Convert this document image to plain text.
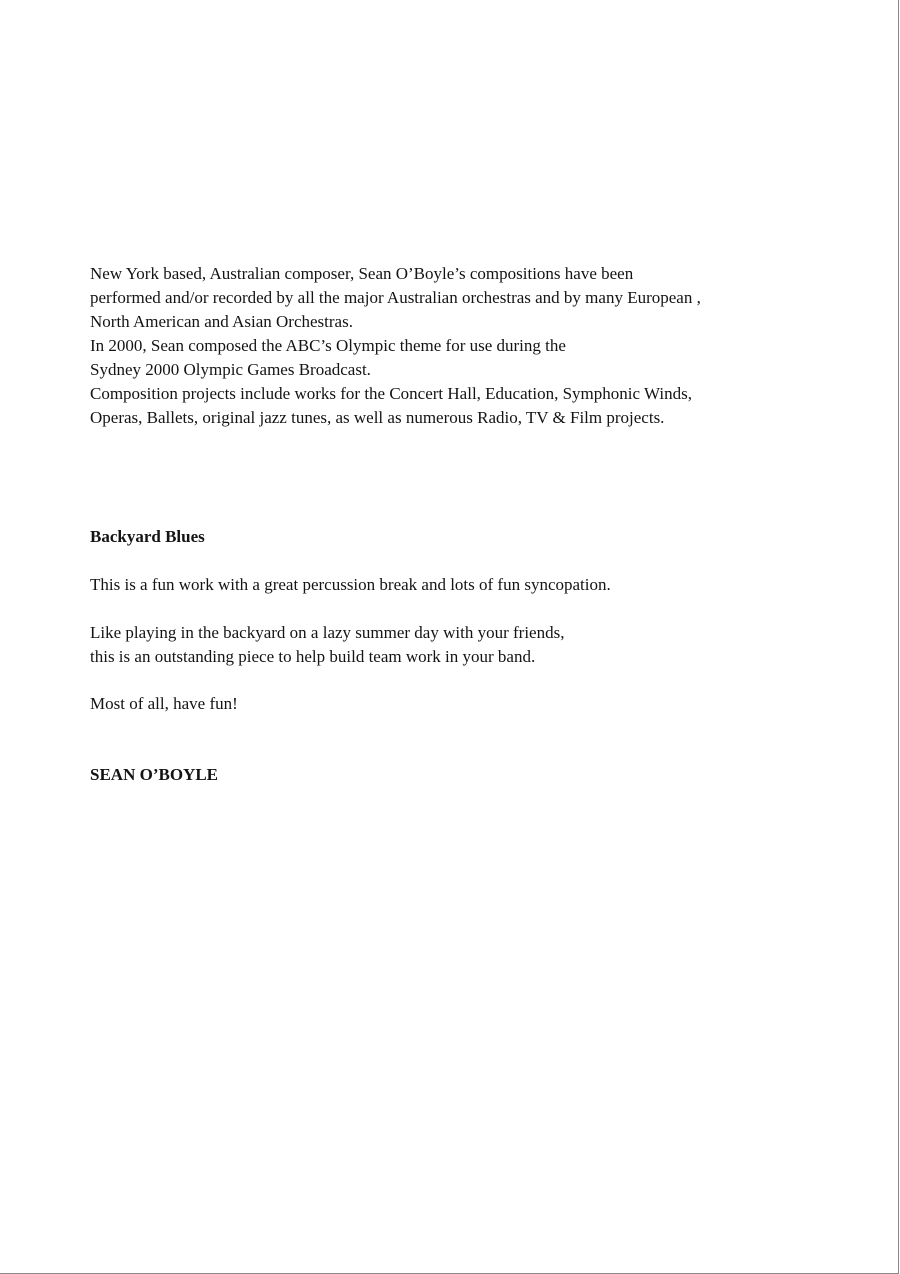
New York based, Australian composer, Sean O’Boyle’s compositions have been
performed and/or recorded by all the major Australian orchestras and by many European ,
North American and Asian Orchestras.
In 2000, Sean composed the ABC’s Olympic theme for use during the
Sydney 2000 Olympic Games Broadcast.
Composition projects include works for the Concert Hall, Education, Symphonic Winds,
Operas, Ballets, original jazz tunes, as well as numerous Radio, TV & Film projects.
Backyard Blues
This is a fun work with a great percussion break and lots of fun syncopation.
Like playing in the backyard on a lazy summer day with your friends,
this is an outstanding piece to help build team work in your band.
Most of all, have fun!
SEAN O’BOYLE
